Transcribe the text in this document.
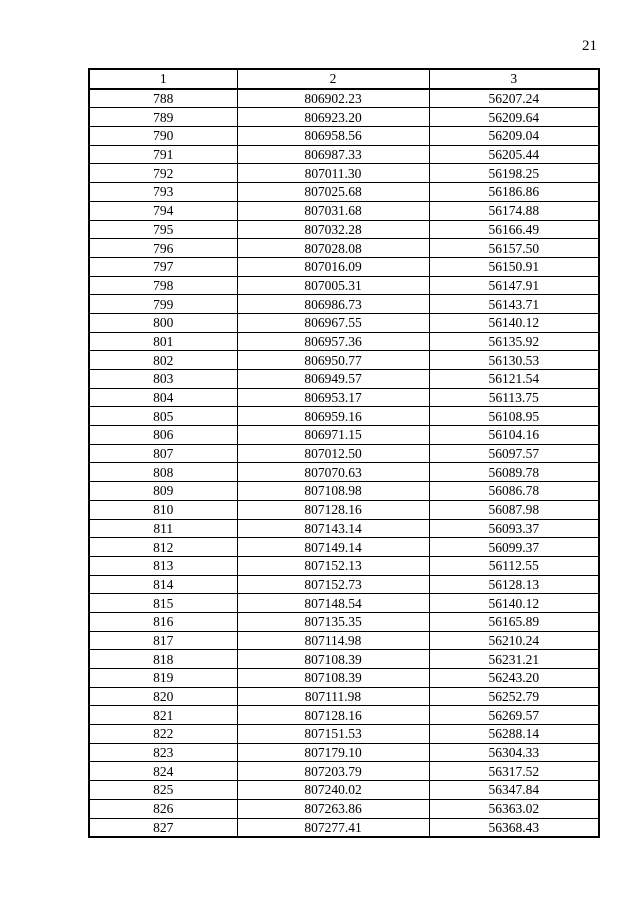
21
1	2	3
788	806902.23	56207.24
789	806923.20	56209.64
790	806958.56	56209.04
791	806987.33	56205.44
792	807011.30	56198.25
793	807025.68	56186.86
794	807031.68	56174.88
795	807032.28	56166.49
796	807028.08	56157.50
797	807016.09	56150.91
798	807005.31	56147.91
799	806986.73	56143.71
800	806967.55	56140.12
801	806957.36	56135.92
802	806950.77	56130.53
803	806949.57	56121.54
804	806953.17	56113.75
805	806959.16	56108.95
806	806971.15	56104.16
807	807012.50	56097.57
808	807070.63	56089.78
809	807108.98	56086.78
810	807128.16	56087.98
811	807143.14	56093.37
812	807149.14	56099.37
813	807152.13	56112.55
814	807152.73	56128.13
815	807148.54	56140.12
816	807135.35	56165.89
817	807114.98	56210.24
818	807108.39	56231.21
819	807108.39	56243.20
820	807111.98	56252.79
821	807128.16	56269.57
822	807151.53	56288.14
823	807179.10	56304.33
824	807203.79	56317.52
825	807240.02	56347.84
826	807263.86	56363.02
827	807277.41	56368.43
